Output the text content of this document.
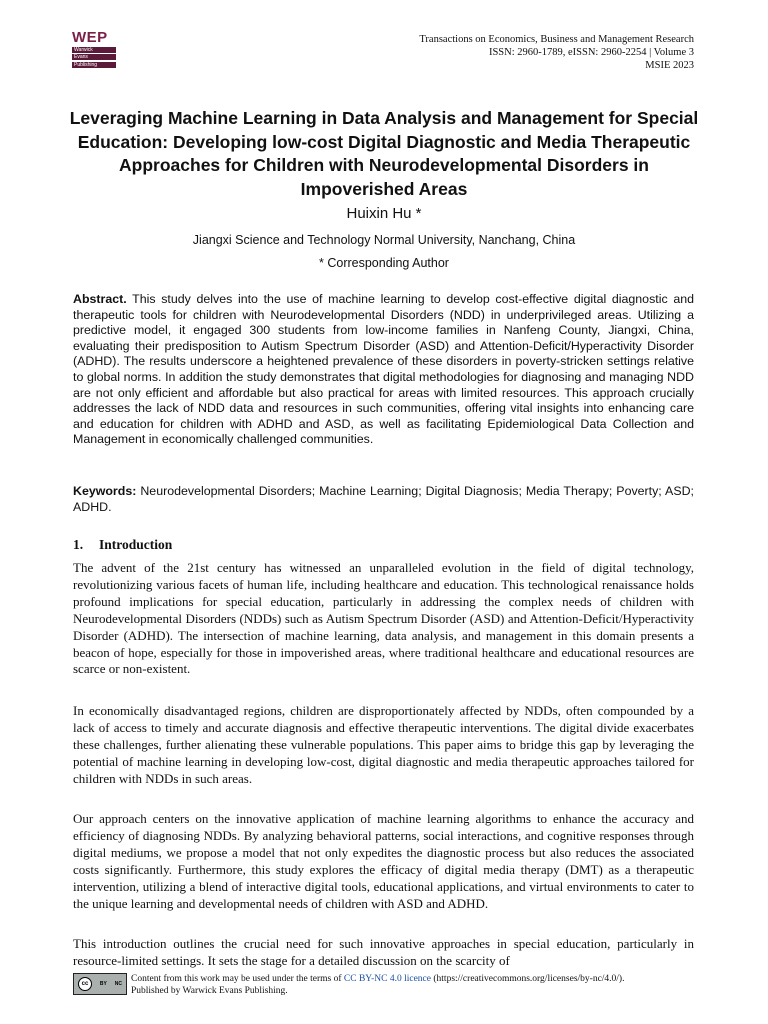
WEP
Warwick
Evans
Publishing
Transactions on Economics, Business and Management Research
ISSN: 2960-1789, eISSN: 2960-2254 | Volume 3
MSIE 2023
Leveraging Machine Learning in Data Analysis and Management for Special Education: Developing low-cost Digital Diagnostic and Media Therapeutic Approaches for Children with Neurodevelopmental Disorders in Impoverished Areas
Huixin Hu *
Jiangxi Science and Technology Normal University, Nanchang, China
* Corresponding Author

Abstract. This study delves into the use of machine learning to develop cost-effective digital diagnostic and therapeutic tools for children with Neurodevelopmental Disorders (NDD) in underprivileged areas. Utilizing a predictive model, it engaged 300 students from low-income families in Nanfeng County, Jiangxi, China, evaluating their predisposition to Autism Spectrum Disorder (ASD) and Attention-Deficit/Hyperactivity Disorder (ADHD). The results underscore a heightened prevalence of these disorders in poverty-stricken settings relative to global norms. In addition the study demonstrates that digital methodologies for diagnosing and managing NDD are not only efficient and affordable but also practical for areas with limited resources. This approach crucially addresses the lack of NDD data and resources in such communities, offering vital insights into enhancing care and education for children with ADHD and ASD, as well as facilitating Epidemiological Data Collection and Management in economically challenged communities.

Keywords: Neurodevelopmental Disorders; Machine Learning; Digital Diagnosis; Media Therapy; Poverty; ASD; ADHD.

1. Introduction

The advent of the 21st century has witnessed an unparalleled evolution in the field of digital technology, revolutionizing various facets of human life, including healthcare and education. This technological renaissance holds profound implications for special education, particularly in addressing the complex needs of children with Neurodevelopmental Disorders (NDDs) such as Autism Spectrum Disorder (ASD) and Attention-Deficit/Hyperactivity Disorder (ADHD). The intersection of machine learning, data analysis, and management in this domain presents a beacon of hope, especially for those in impoverished areas, where traditional healthcare and educational resources are scarce or non-existent.

In economically disadvantaged regions, children are disproportionately affected by NDDs, often compounded by a lack of access to timely and accurate diagnosis and effective therapeutic interventions. The digital divide exacerbates these challenges, further alienating these vulnerable populations. This paper aims to bridge this gap by leveraging the potential of machine learning in developing low-cost, digital diagnostic and media therapeutic approaches tailored for children with NDDs in such areas.

Our approach centers on the innovative application of machine learning algorithms to enhance the accuracy and efficiency of diagnosing NDDs. By analyzing behavioral patterns, social interactions, and cognitive responses through digital mediums, we propose a model that not only expedites the diagnostic process but also reduces the associated costs significantly. Furthermore, this study explores the efficacy of digital media therapy (DMT) as a therapeutic intervention, utilizing a blend of interactive digital tools, educational applications, and virtual environments to cater to the unique learning and developmental needs of children with ASD and ADHD.

This introduction outlines the crucial need for such innovative approaches in special education, particularly in resource-limited settings. It sets the stage for a detailed discussion on the scarcity of

cc	BY NC Content from this work may be used under the terms of CC BY-NC 4.0 licence (https://creativecommons.org/licenses/by-nc/4.0/).
Published by Warwick Evans Publishing.
